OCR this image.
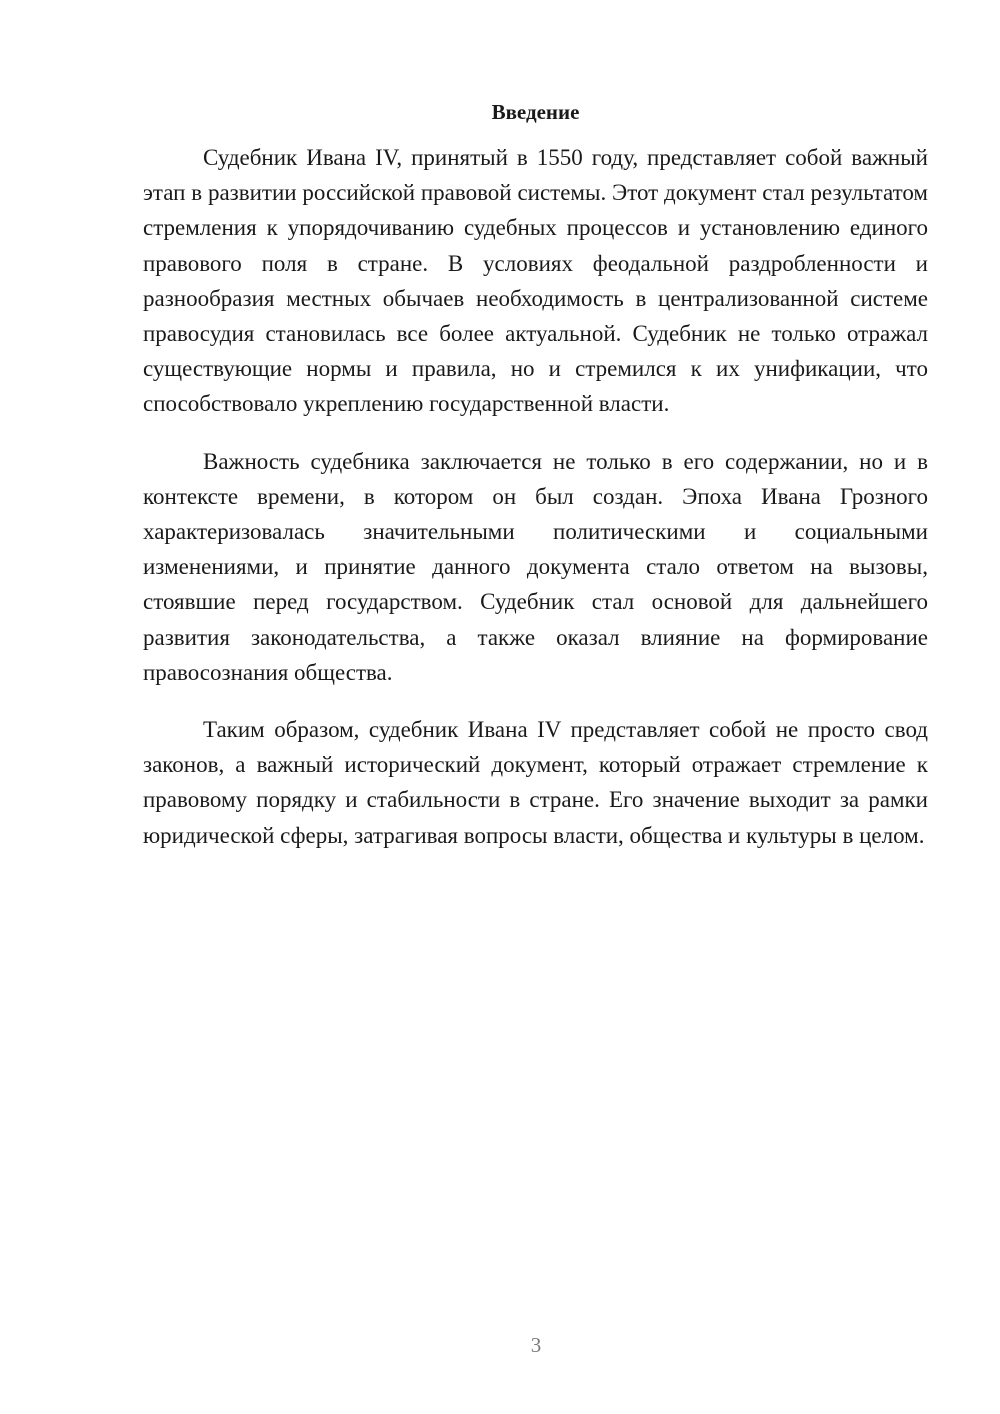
Введение

Судебник Ивана IV, принятый в 1550 году, представляет собой важный этап в развитии российской правовой системы. Этот документ стал результатом стремления к упорядочиванию судебных процессов и установлению единого правового поля в стране. В условиях феодальной раздробленности и разнообразия местных обычаев необходимость в централизованной системе правосудия становилась все более актуальной. Судебник не только отражал существующие нормы и правила, но и стремился к их унификации, что способствовало укреплению государственной власти.

Важность судебника заключается не только в его содержании, но и в контексте времени, в котором он был создан. Эпоха Ивана Грозного характеризовалась значительными политическими и социальными изменениями, и принятие данного документа стало ответом на вызовы, стоявшие перед государством. Судебник стал основой для дальнейшего развития законодательства, а также оказал влияние на формирование правосознания общества.

Таким образом, судебник Ивана IV представляет собой не просто свод законов, а важный исторический документ, который отражает стремление к правовому порядку и стабильности в стране. Его значение выходит за рамки юридической сферы, затрагивая вопросы власти, общества и культуры в целом.

3
